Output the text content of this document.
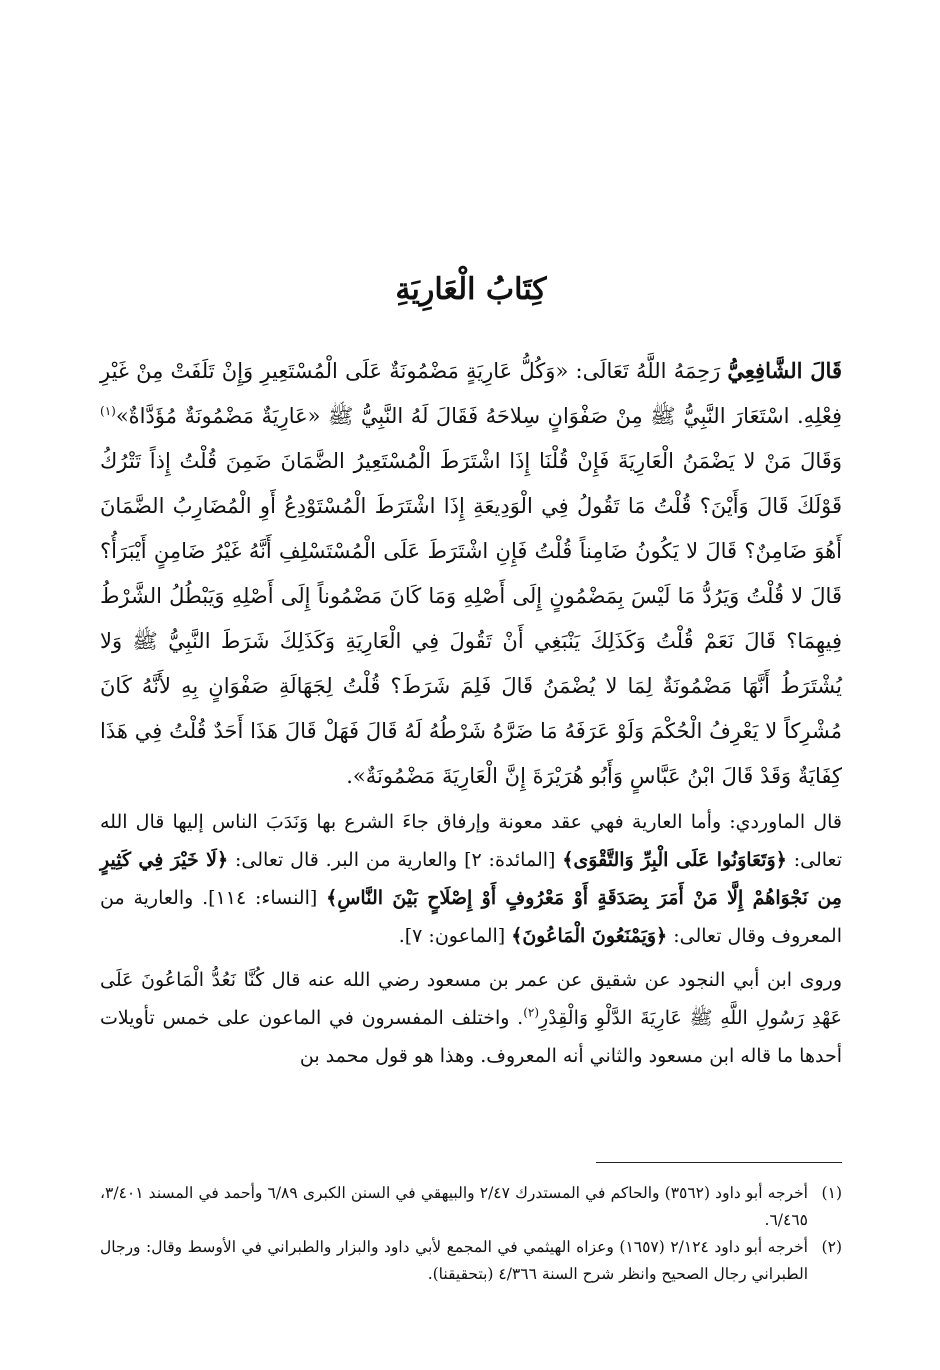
كِتَابُ الْعَارِيَةِ

قَالَ الشَّافِعِيُّ رَحِمَهُ اللَّهُ تَعَالَى: «وَكُلُّ عَارِيَةٍ مَضْمُونَةٌ عَلَى الْمُسْتَعِيرِ وَإِنْ تَلَفَتْ مِنْ غَيْرِ فِعْلِهِ. اسْتَعَارَ النَّبِيُّ ﷺ مِنْ صَفْوَانٍ سِلاحَهُ فَقَالَ لَهُ النَّبِيُّ ﷺ «عَارِيَةٌ مَضْمُونَةٌ مُؤَدَّاةٌ»$^{(١)}$ وَقَالَ مَنْ لا يَضْمَنُ الْعَارِيَةَ فَإِنْ قُلْنَا إِذَا اشْتَرَطَ الْمُسْتَعِيرُ الضَّمَانَ ضَمِنَ قُلْتُ إِذاً تَتْرُكُ قَوْلَكَ قَالَ وَأَيْنَ؟ قُلْتُ مَا تَقُولُ فِي الْوَدِيعَةِ إِذَا اشْتَرَطَ الْمُسْتَوْدِعُ أَوِ الْمُضَارِبُ الضَّمَانَ أَهُوَ ضَامِنٌ؟ قَالَ لا يَكُونُ ضَامِناً قُلْتُ فَإِنِ اشْتَرَطَ عَلَى الْمُسْتَسْلِفِ أَنَّهُ غَيْرُ ضَامِنٍ أَيْبَرَأُ؟ قَالَ لا قُلْتُ وَيَرُدُّ مَا لَيْسَ بِمَضْمُونٍ إِلَى أَصْلِهِ وَمَا كَانَ مَضْمُوناً إِلَى أَصْلِهِ وَيَبْطُلُ الشَّرْطُ فِيهِمَا؟ قَالَ نَعَمْ قُلْتُ وَكَذَلِكَ يَنْبَغِي أَنْ تَقُولَ فِي الْعَارِيَةِ وَكَذَلِكَ شَرَطَ النَّبِيُّ ﷺ وَلا يُشْتَرَطُ أَنَّهَا مَضْمُونَةٌ لِمَا لا يُضْمَنُ قَالَ فَلِمَ شَرَطَ؟ قُلْتُ لِجَهَالَةِ صَفْوَانٍ بِهِ لأَنَّهُ كَانَ مُشْرِكاً لا يَعْرِفُ الْحُكْمَ وَلَوْ عَرَفَهُ مَا ضَرَّهُ شَرْطُهُ لَهُ قَالَ فَهَلْ قَالَ هَذَا أَحَدٌ قُلْتُ فِي هَذَا كِفَايَةٌ وَقَدْ قَالَ ابْنُ عَبَّاسٍ وَأَبُو هُرَيْرَةَ إِنَّ الْعَارِيَةَ مَضْمُونَةٌ».

قال الماوردي: وأما العارية فهي عقد معونة وإرفاق جاءَ الشرع بها وَنَدَبَ الناس إليها قال الله تعالى: ﴿وَتَعَاوَنُوا عَلَى الْبِرِّ وَالتَّقْوَى﴾ [المائدة: ٢] والعارية من البر. قال تعالى: ﴿لَا خَيْرَ فِي كَثِيرٍ مِن نَجْوَاهُمْ إِلَّا مَنْ أَمَرَ بِصَدَقَةٍ أَوْ مَعْرُوفٍ أَوْ إِصْلَاحٍ بَيْنَ النَّاسِ﴾ [النساء: ١١٤]. والعارية من المعروف وقال تعالى: ﴿وَيَمْنَعُونَ الْمَاعُونَ﴾ [الماعون: ٧].

وروى ابن أبي النجود عن شقيق عن عمر بن مسعود رضي الله عنه قال كُنَّا نَعُدُّ الْمَاعُونَ عَلَى عَهْدِ رَسُولِ اللَّهِ ﷺ عَارِيَةَ الدَّلْوِ وَالْقِدْرِ$^{(٢)}$. واختلف المفسرون في الماعون على خمس تأويلات أحدها ما قاله ابن مسعود والثاني أنه المعروف. وهذا هو قول محمد بن

(١)
أخرجه أبو داود (٣٥٦٢) والحاكم في المستدرك ٢/٤٧ والبيهقي في السنن الكبرى ٦/٨٩ وأحمد في المسند ٣/٤٠١، ٦/٤٦٥.
(٢)
أخرجه أبو داود ٢/١٢٤ (١٦٥٧) وعزاه الهيثمي في المجمع لأبي داود والبزار والطبراني في الأوسط وقال: ورجال الطبراني رجال الصحيح وانظر شرح السنة ٤/٣٦٦ (بتحقيقنا).
